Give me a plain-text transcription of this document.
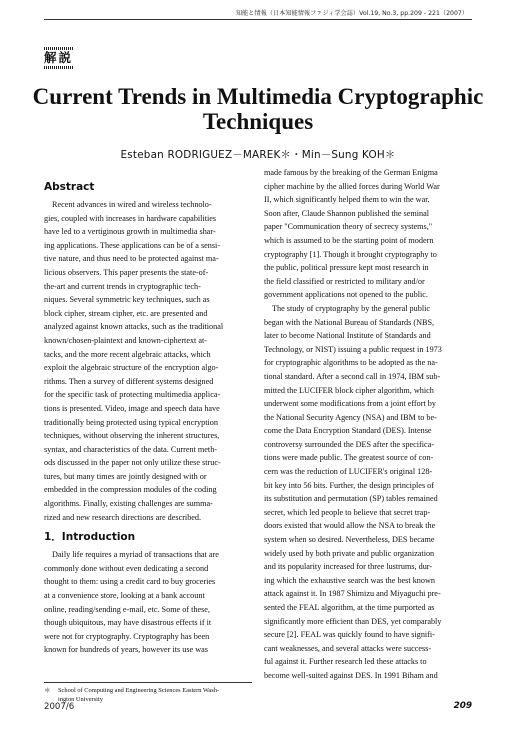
知能と情報（日本知能情報ファジィ学会誌）Vol.19, No.3, pp.209 - 221（2007）
解説
Current Trends in Multimedia Cryptographic
Techniques
Esteban RODRIGUEZ－MAREK＊・Min－Sung KOH＊
Abstract

Recent advances in wired and wireless technolo-
gies, coupled with increases in hardware capabilities
have led to a vertiginous growth in multimedia shar-
ing applications. These applications can be of a sensi-
tive nature, and thus need to be protected against ma-
licious observers. This paper presents the state-of-
the-art and current trends in cryptographic tech-
niques. Several symmetric key techniques, such as
block cipher, stream cipher, etc. are presented and
analyzed against known attacks, such as the traditional
known/chosen-plaintext and known-ciphertext at-
tacks, and the more recent algebraic attacks, which
exploit the algebraic structure of the encryption algo-
rithms. Then a survey of different systems designed
for the specific task of protecting multimedia applica-
tions is presented. Video, image and speech data have
traditionally being protected using typical encryption
techniques, without observing the inherent structures,
syntax, and characteristics of the data. Current meth-
ods discussed in the paper not only utilize these struc-
tures, but many times are jointly designed with or
embedded in the compression modules of the coding
algorithms. Finally, existing challenges are summa-
rized and new research directions are described.

1．Introduction

Daily life requires a myriad of transactions that are
commonly done without even dedicating a second
thought to them: using a credit card to buy groceries
at a convenience store, looking at a bank account
online, reading/sending e-mail, etc. Some of these,
though ubiquitous, may have disastrous effects if it
were not for cryptography. Cryptography has been
known for hundreds of years, however its use was

made famous by the breaking of the German Enigma
cipher machine by the allied forces during World War
II, which significantly helped them to win the war.
Soon after, Claude Shannon published the seminal
paper "Communication theory of secrecy systems,"
which is assumed to be the starting point of modern
cryptography [1]. Though it brought cryptography to
the public, political pressure kept most research in
the field classified or restricted to military and/or
government applications not opened to the public.
The study of cryptography by the general public
began with the National Bureau of Standards (NBS,
later to become National Institute of Standards and
Technology, or NIST) issuing a public request in 1973
for cryptographic algorithms to be adopted as the na-
tional standard. After a second call in 1974, IBM sub-
mitted the LUCIFER block cipher algorithm, which
underwent some modifications from a joint effort by
the National Security Agency (NSA) and IBM to be-
come the Data Encryption Standard (DES). Intense
controversy surrounded the DES after the specifica-
tions were made public. The greatest source of con-
cern was the reduction of LUCIFER's original 128-
bit key into 56 bits. Further, the design principles of
its substitution and permutation (SP) tables remained
secret, which led people to believe that secret trap-
doors existed that would allow the NSA to break the
system when so desired. Nevertheless, DES became
widely used by both private and public organization
and its popularity increased for three lustrums, dur-
ing which the exhaustive search was the best known
attack against it. In 1987 Shimizu and Miyaguchi pre-
sented the FEAL algorithm, at the time purported as
significantly more efficient than DES, yet comparably
secure [2]. FEAL was quickly found to have signifi-
cant weaknesses, and several attacks were success-
ful against it. Further research led these attacks to
become well-suited against DES. In 1991 Biham and

＊ School of Computing and Engineering Sciences Eastern Wash-
ington University
2007/6	209
